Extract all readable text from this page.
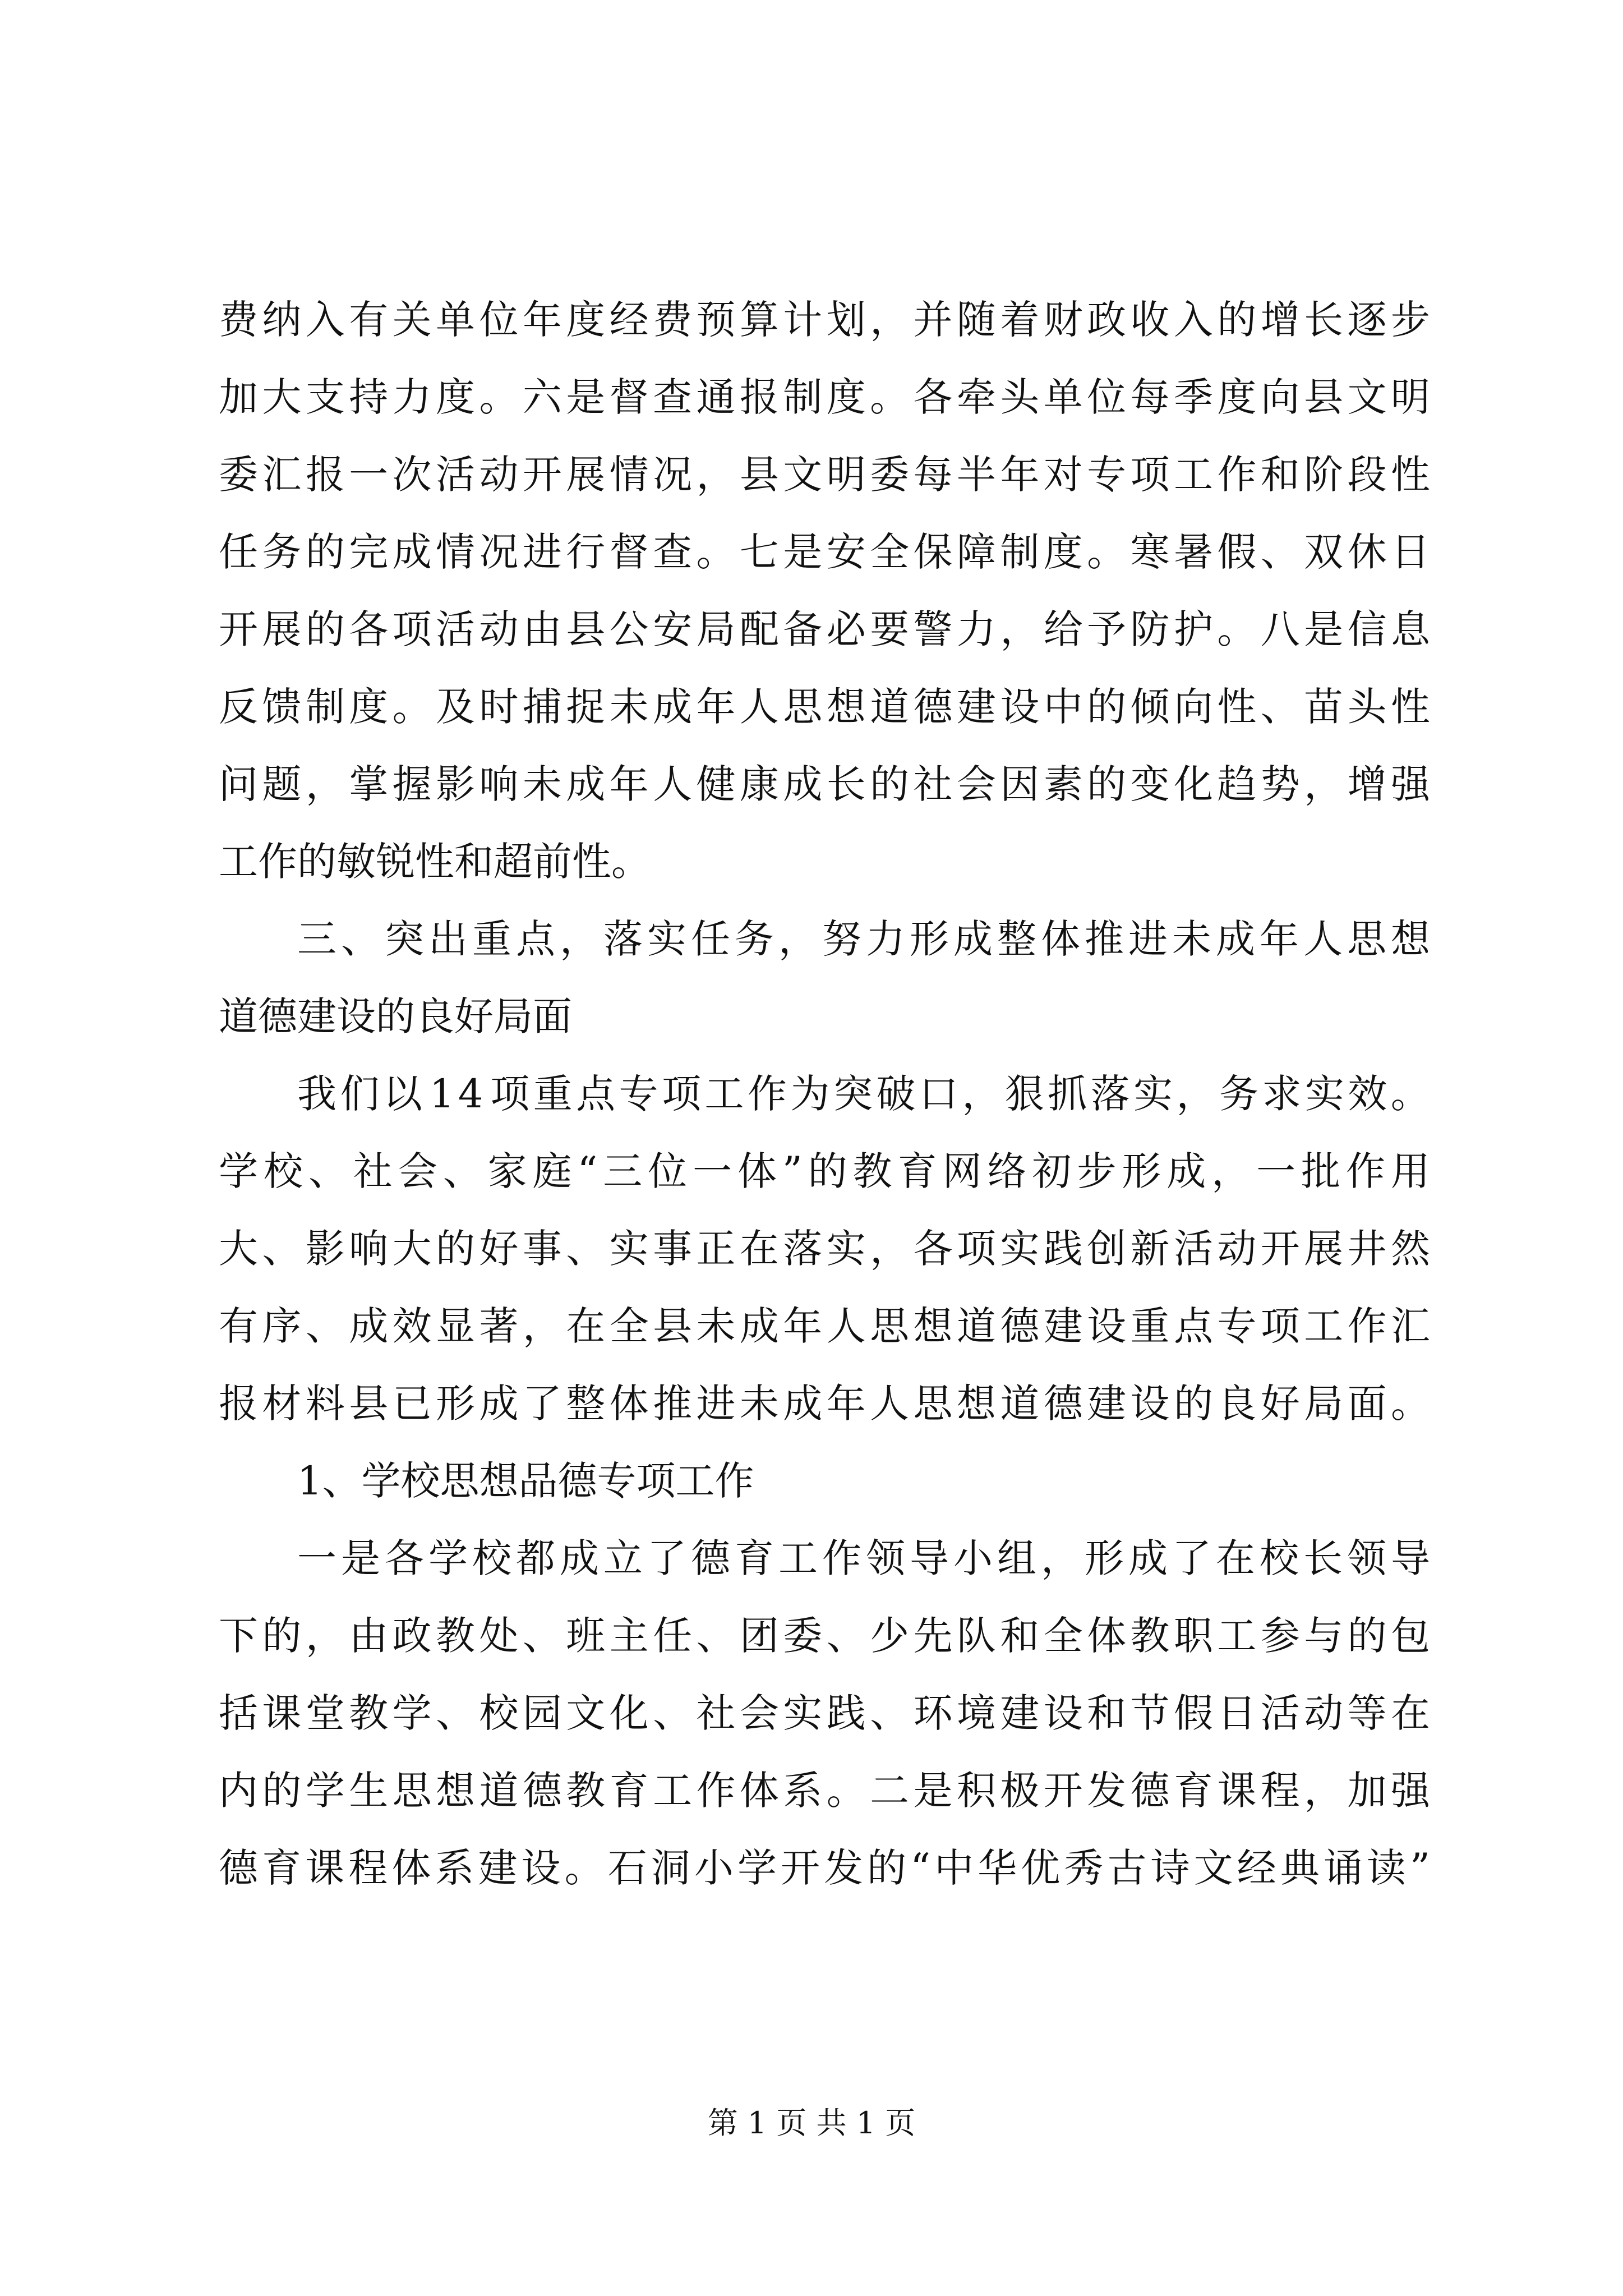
费 纳 入 有 关 单 位 年 度 经 费 预 算 计 划 ， 并 随 着 财 政 收 入 的 增 长 逐 步
加 大 支 持 力 度 。 六 是 督 查 通 报 制 度 。 各 牵 头 单 位 每 季 度 向 县 文 明
委 汇 报 一 次 活 动 开 展 情 况 ， 县 文 明 委 每 半 年 对 专 项 工 作 和 阶 段 性
任 务 的 完 成 情 况 进 行 督 查 。 七 是 安 全 保 障 制 度 。 寒 暑 假 、 双 休 日
开 展 的 各 项 活 动 由 县 公 安 局 配 备 必 要 警 力 ， 给 予 防 护 。 八 是 信 息
反 馈 制 度 。 及 时 捕 捉 未 成 年 人 思 想 道 德 建 设 中 的 倾 向 性 、 苗 头 性
问 题 ， 掌 握 影 响 未 成 年 人 健 康 成 长 的 社 会 因 素 的 变 化 趋 势 ， 增 强
工作的敏锐性和超前性。
三 、 突 出 重 点 ， 落 实 任 务 ， 努 力 形 成 整 体 推 进 未 成 年 人 思 想
道德建设的良好局面
我 们 以 1 4 项 重 点 专 项 工 作 为 突 破 口 ， 狠 抓 落 实 ， 务 求 实 效 。
学 校 、 社 会 、 家 庭 “ 三 位 一 体 ” 的 教 育 网 络 初 步 形 成 ， 一 批 作 用
大 、 影 响 大 的 好 事 、 实 事 正 在 落 实 ， 各 项 实 践 创 新 活 动 开 展 井 然
有 序 、 成 效 显 著 ， 在 全 县 未 成 年 人 思 想 道 德 建 设 重 点 专 项 工 作 汇
报 材 料 县 已 形 成 了 整 体 推 进 未 成 年 人 思 想 道 德 建 设 的 良 好 局 面 。
1、学校思想品德专项工作
一 是 各 学 校 都 成 立 了 德 育 工 作 领 导 小 组 ， 形 成 了 在 校 长 领 导
下 的 ， 由 政 教 处 、 班 主 任 、 团 委 、 少 先 队 和 全 体 教 职 工 参 与 的 包
括 课 堂 教 学 、 校 园 文 化 、 社 会 实 践 、 环 境 建 设 和 节 假 日 活 动 等 在
内 的 学 生 思 想 道 德 教 育 工 作 体 系 。 二 是 积 极 开 发 德 育 课 程 ， 加 强
德 育 课 程 体 系 建 设 。 石 洞 小 学 开 发 的 “ 中 华 优 秀 古 诗 文 经 典 诵 读 ”
第 1 页 共 1 页
